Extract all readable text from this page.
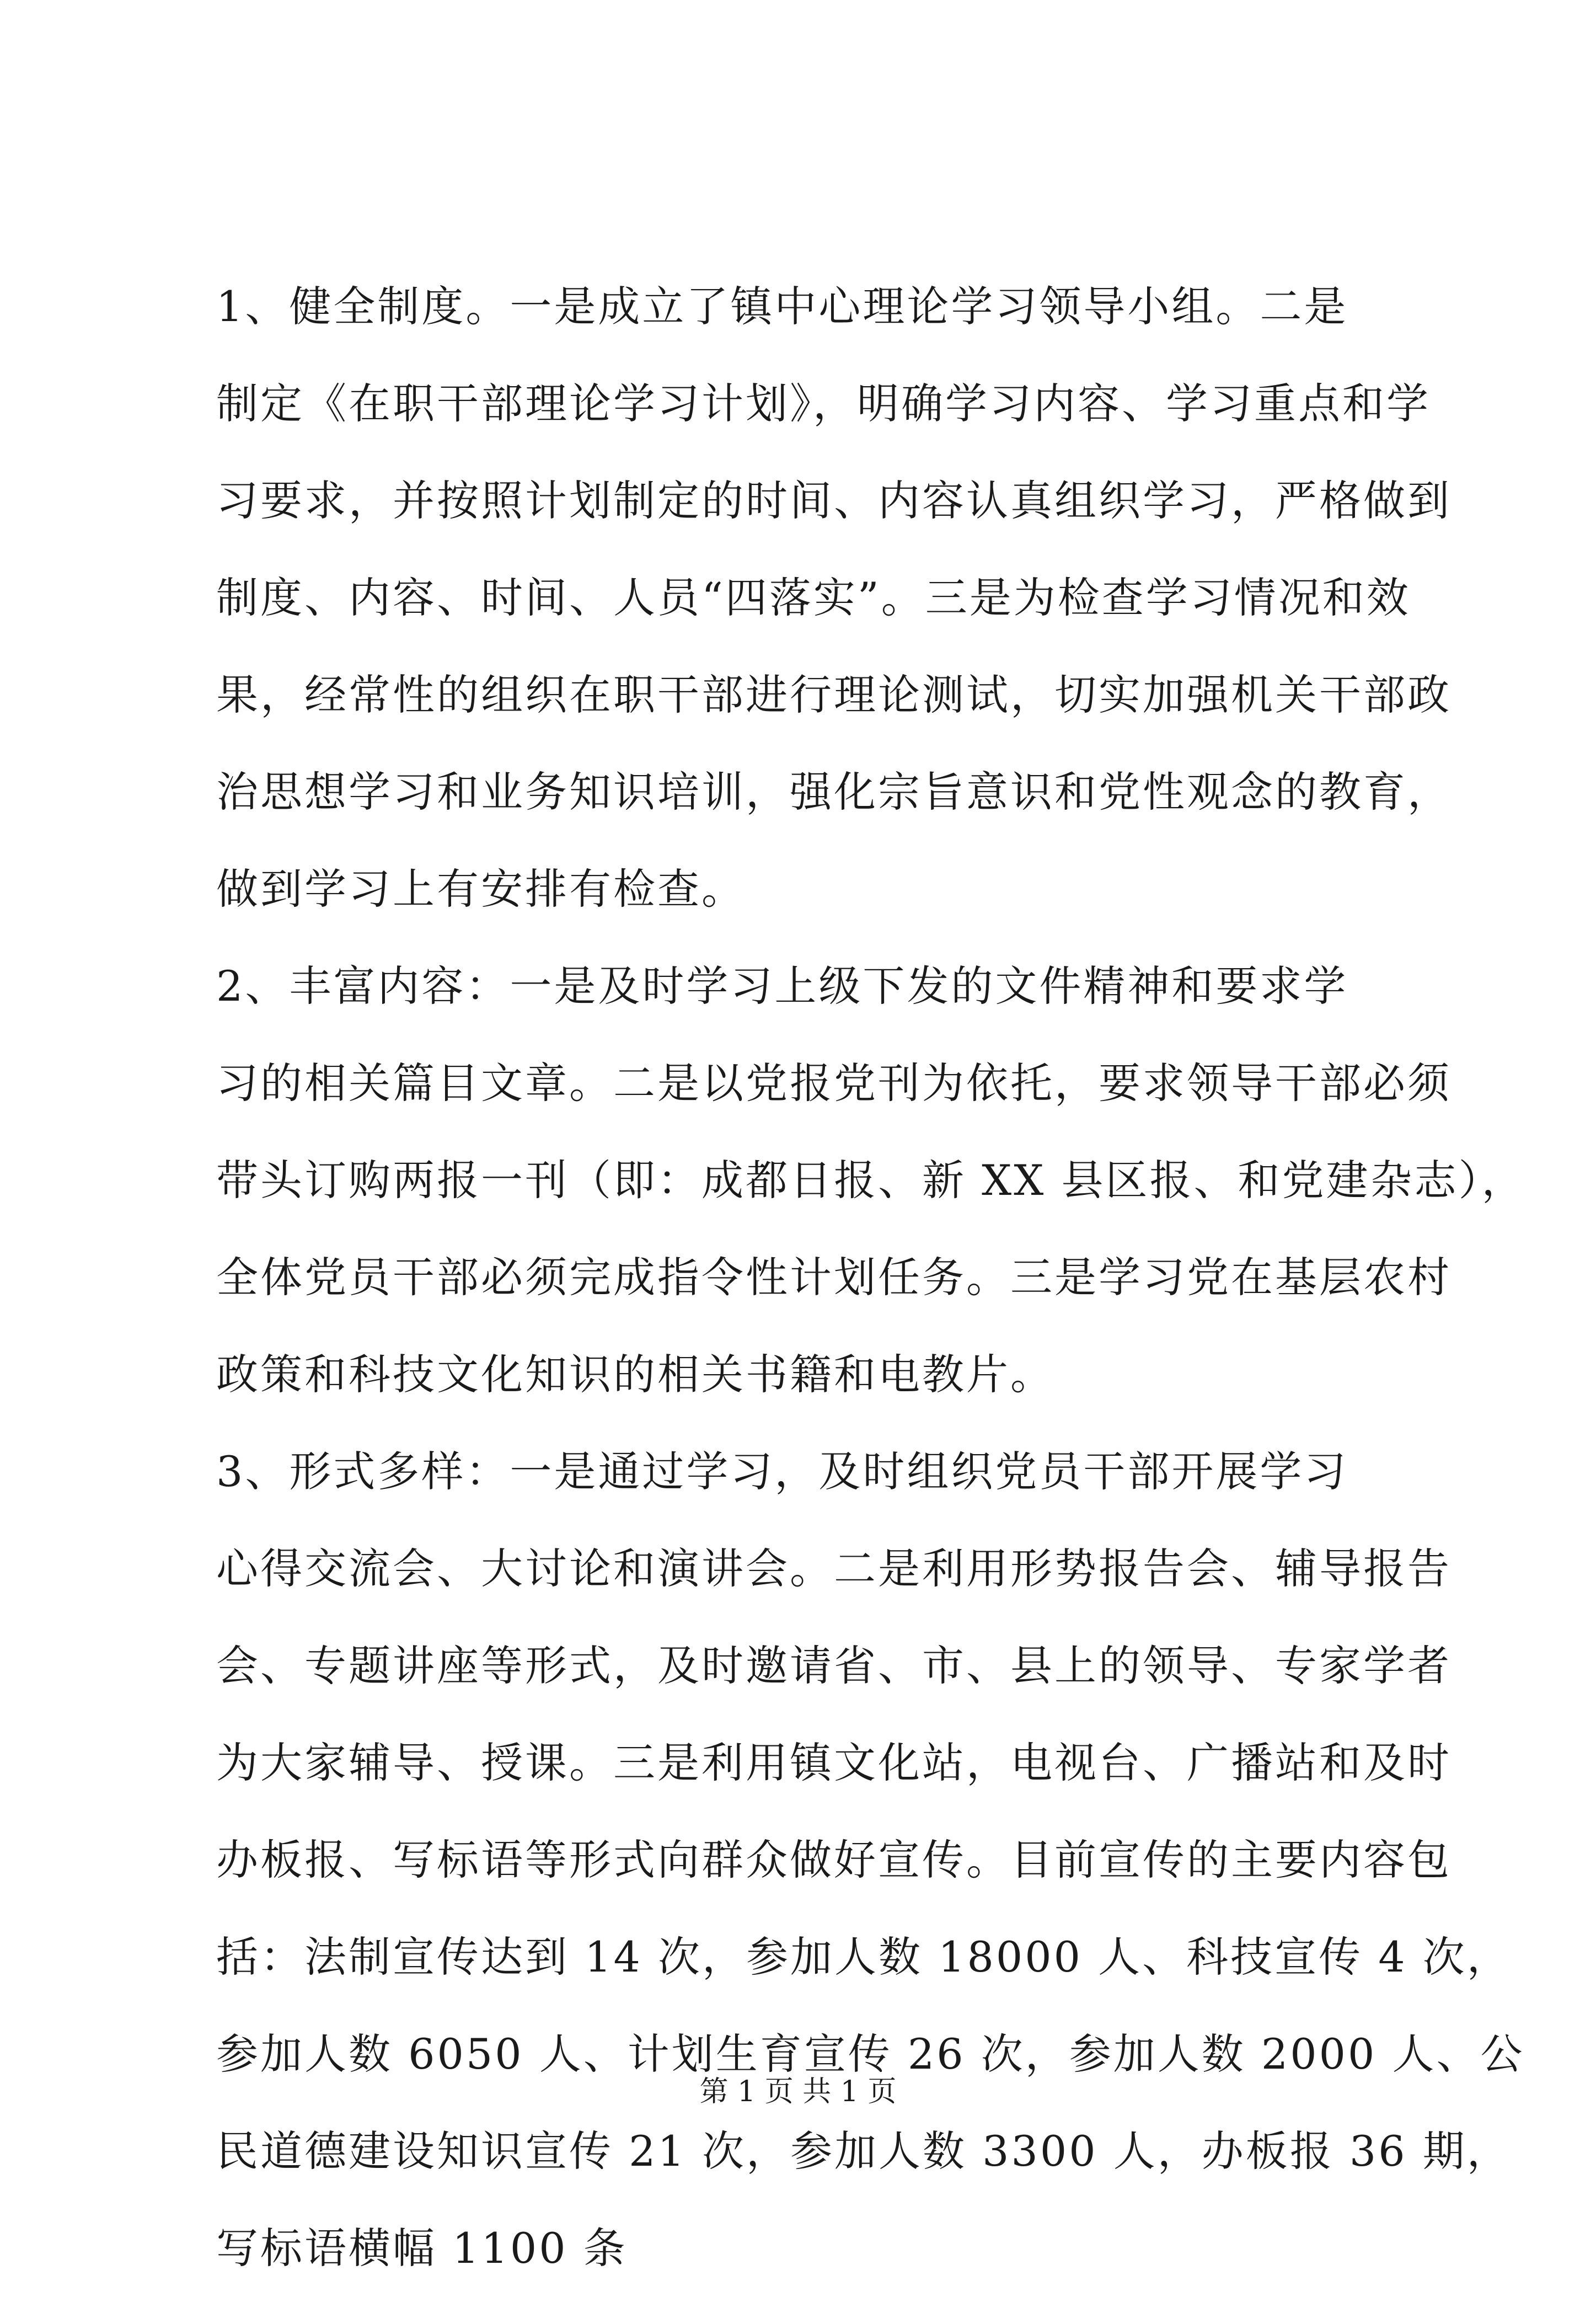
1、健全制度。一是成立了镇中心理论学习领导小组。二是
制定《在职干部理论学习计划》，明确学习内容、学习重点和学
习要求，并按照计划制定的时间、内容认真组织学习，严格做到
制度、内容、时间、人员“四落实”。三是为检查学习情况和效
果，经常性的组织在职干部进行理论测试，切实加强机关干部政
治思想学习和业务知识培训，强化宗旨意识和党性观念的教育，
做到学习上有安排有检查。
2、丰富内容：一是及时学习上级下发的文件精神和要求学
习的相关篇目文章。二是以党报党刊为依托，要求领导干部必须
带头订购两报一刊（即：成都日报、新 XX 县区报、和党建杂志），
全体党员干部必须完成指令性计划任务。三是学习党在基层农村
政策和科技文化知识的相关书籍和电教片。
3、形式多样：一是通过学习，及时组织党员干部开展学习
心得交流会、大讨论和演讲会。二是利用形势报告会、辅导报告
会、专题讲座等形式，及时邀请省、市、县上的领导、专家学者
为大家辅导、授课。三是利用镇文化站，电视台、广播站和及时
办板报、写标语等形式向群众做好宣传。目前宣传的主要内容包
括：法制宣传达到 14 次，参加人数 18000 人、科技宣传 4 次，
参加人数 6050 人、计划生育宣传 26 次，参加人数 2000 人、公
民道德建设知识宣传 21 次，参加人数 3300 人，办板报 36 期，
写标语横幅 1100 条
第 1 页 共 1 页
